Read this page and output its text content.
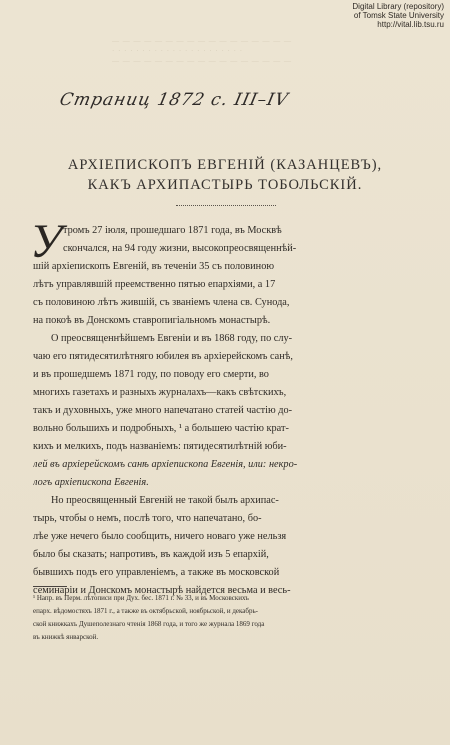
Digital Library (repository)
of Tomsk State University
http://vital.lib.tsu.ru
— — — — — — — — — — — — — — — — —
· · · · · · · · · · · · · · · · · · · · · ·
— — — — — — — — — — — — — — — — —
Страниц 1872 с. III–IV
АРХІЕПИСКОПЪ ЕВГЕНІЙ (КАЗАНЦЕВЪ),
КАКЪ АРХИПАСТЫРЬ ТОБОЛЬСКІЙ.
У тромъ 27 іюля, прошедшаго 1871 года, въ Москвѣ
скончался, на 94 году жизни, высокопреосвященнѣй-
шій архіепископъ Евгеній, въ теченіи 35 съ половиною
лѣтъ управлявшій преемственно пятью епархіями, а 17
съ половиною лѣтъ жившій, съ званіемъ члена св. Сунода,
на покоѣ въ Донскомъ ставропигіальномъ монастырѣ.
О преосвященнѣйшемъ Евгеніи и въ 1868 году, по слу-
чаю его пятидесятилѣтняго юбилея въ архіерейскомъ санѣ,
и въ прошедшемъ 1871 году, по поводу его смерти, во
многихъ газетахъ и разныхъ журналахъ—какъ свѣтскихъ,
такъ и духовныхъ, уже много напечатано статей частію до-
вольно большихъ и подробныхъ, ¹ а большею частію крат-
кихъ и мелкихъ, подъ названіемъ: пятидесятилѣтній юби-
лей въ архіерейскомъ санѣ архіепископа Евгенія, или: некро-
логъ архіепископа Евгенія.
Но преосвященный Евгеній не такой былъ архипас-
тырь, чтобы о немъ, послѣ того, что напечатано, бо-
лѣе уже нечего было сообщить, ничего новаго уже нельзя
было бы сказать; напротивъ, въ каждой изъ 5 епархій,
бывшихъ подъ его управленіемъ, а также въ московской
семинаріи и Донскомъ монастырѣ найдется весьма и весь-
¹ Напр. въ Перм. лѣтописи при Дух. бес. 1871 г. № 33, и въ Московскихъ
епарх. вѣдомостяхъ 1871 г., а также въ октябрьской, ноябрьской, и декабрь-
ской книжкахъ Душеполезнаго чтенія 1868 года, и того же журнала 1869 года
въ книжкѣ январской.
